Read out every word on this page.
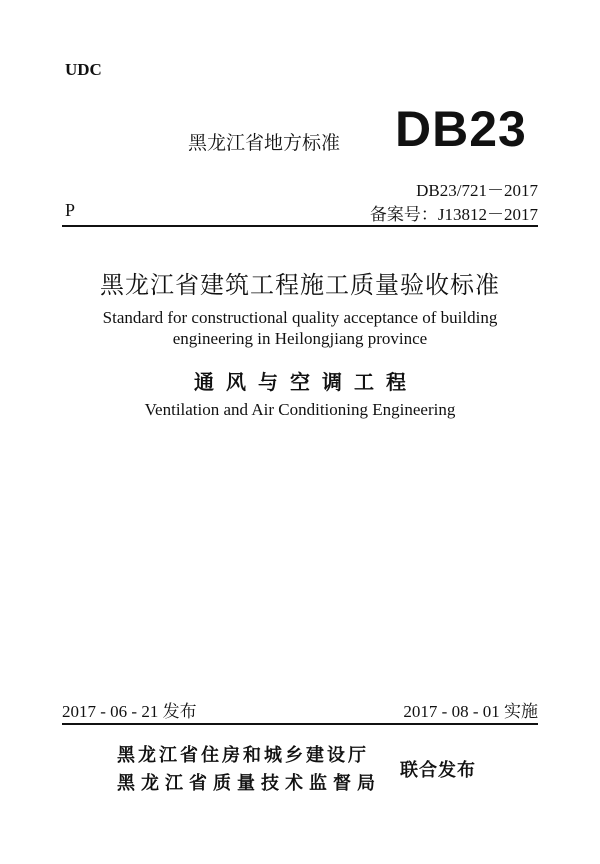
UDC
黑龙江省地方标准 DB23
DB23/721－2017
P	备案号：J13812－2017
黑龙江省建筑工程施工质量验收标准
Standard for constructional quality acceptance of building
engineering in Heilongjiang province
通风与空调工程
Ventilation and Air Conditioning Engineering
2017 - 06 - 21 发布	2017 - 08 - 01 实施
黑龙江省住房和城乡建设厅
黑龙江省质量技术监督局
联合发布
